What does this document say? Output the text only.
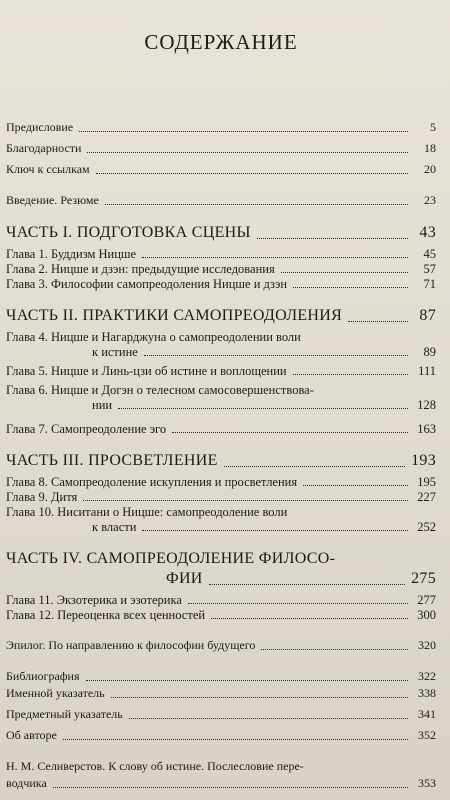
СОДЕРЖАНИЕ
Предисловие	5
Благодарности	18
Ключ к ссылкам	20
Введение. Резюме	23
ЧАСТЬ I. ПОДГОТОВКА СЦЕНЫ	43
Глава 1. Буддизм Ницше	45
Глава 2. Ницше и дзэн: предыдущие исследования	57
Глава 3. Философии самопреодоления Ницше и дзэн	71
ЧАСТЬ II. ПРАКТИКИ САМОПРЕОДОЛЕНИЯ	87
Глава 4. Ницше и Нагарджуна о самопреодолении воли
к истине	89
Глава 5. Ницше и Линь-цзи об истине и воплощении	111
Глава 6. Ницше и Догэн о телесном самосовершенствова-
нии	128
Глава 7. Самопреодоление эго	163
ЧАСТЬ III. ПРОСВЕТЛЕНИЕ	193
Глава 8. Самопреодоление искупления и просветления	195
Глава 9. Дитя	227
Глава 10. Ниситани о Ницше: самопреодоление воли
к власти	252
ЧАСТЬ IV. САМОПРЕОДОЛЕНИЕ ФИЛОСО-
ФИИ	275
Глава 11. Экзотерика и эзотерика	277
Глава 12. Переоценка всех ценностей	300
Эпилог. По направлению к философии будущего	320
Библиография	322
Именной указатель	338
Предметный указатель	341
Об авторе	352
Н. М. Селиверстов. К слову об истине. Послесловие пере-
водчика	353
